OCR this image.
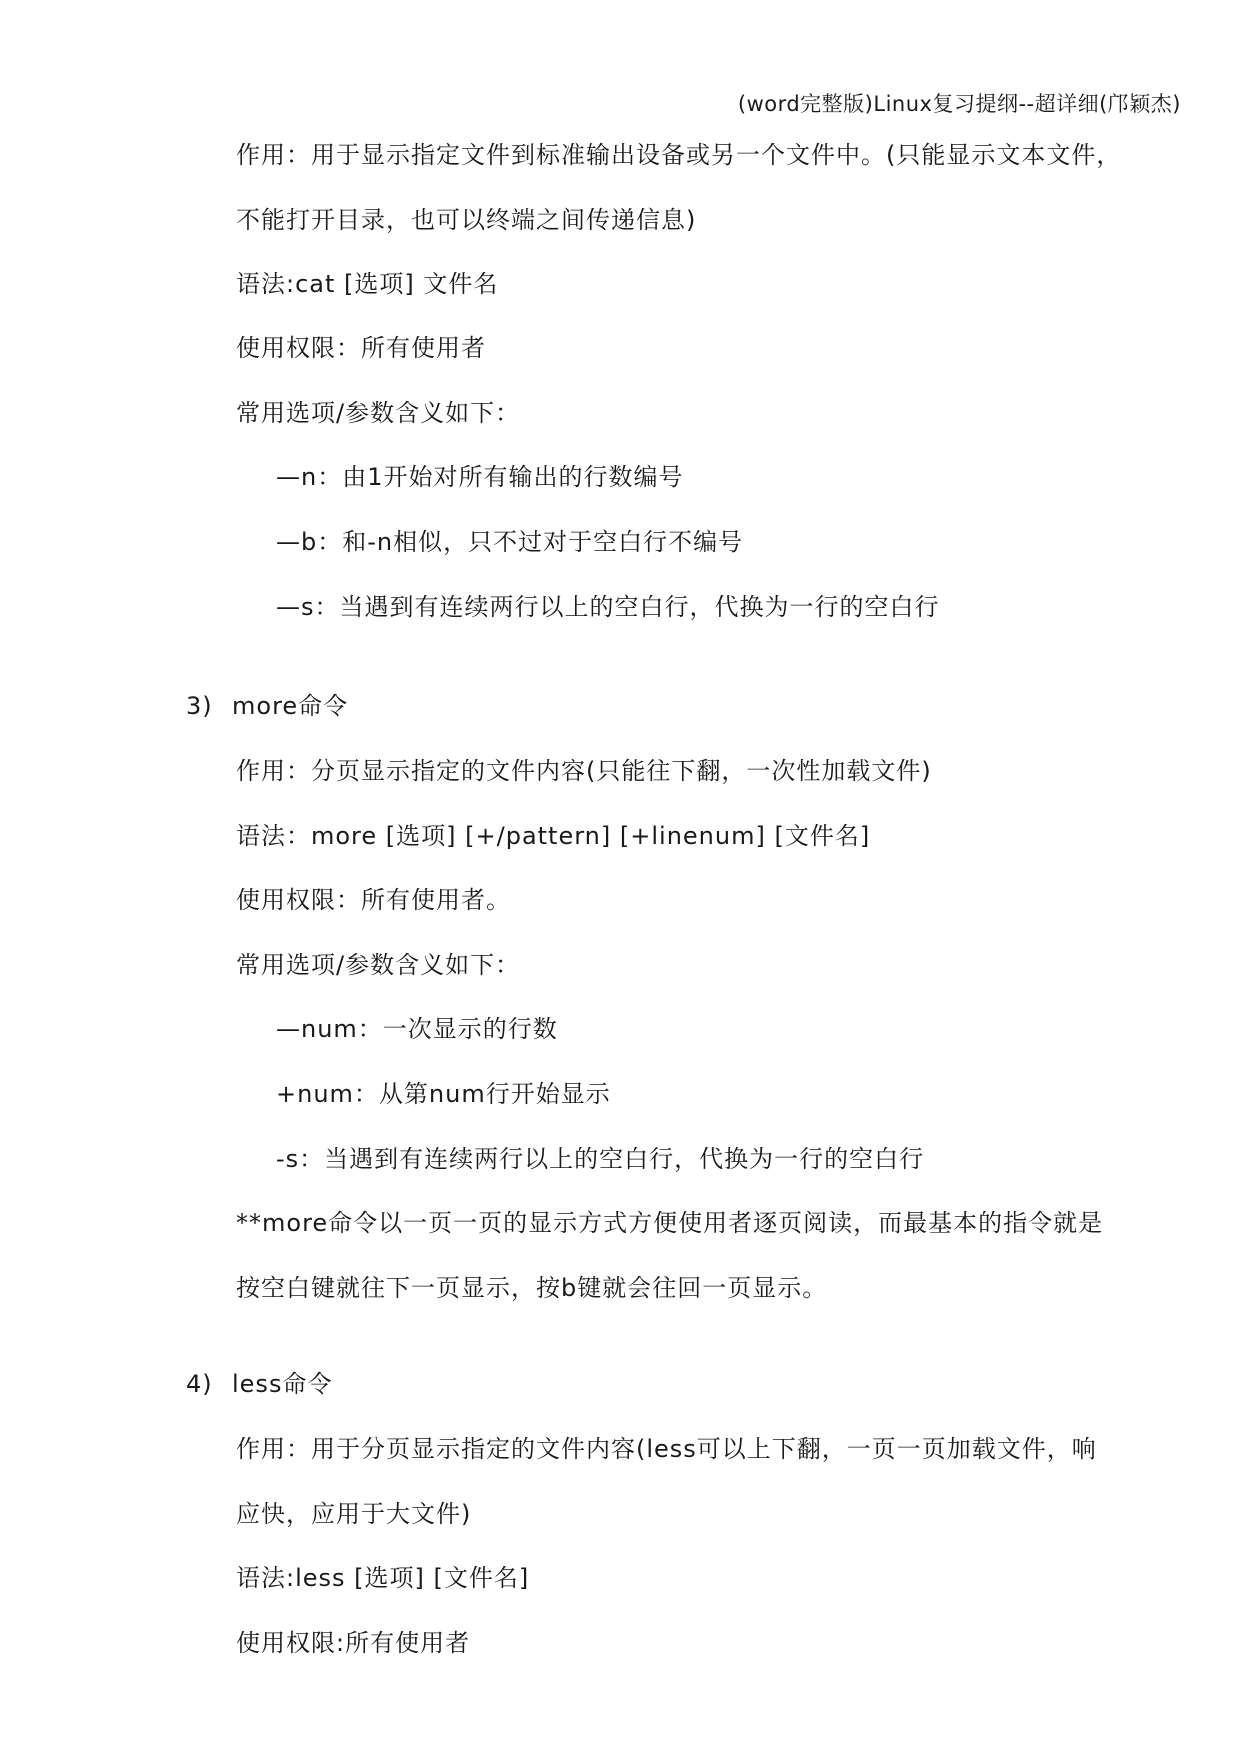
(word完整版)Linux复习提纲--超详细(邝颖杰)
作用：用于显示指定文件到标准输出设备或另一个文件中。(只能显示文本文件，
不能打开目录，也可以终端之间传递信息)
语法:cat [选项] 文件名
使用权限：所有使用者
常用选项/参数含义如下：
—n：由1开始对所有输出的行数编号
—b：和-n相似，只不过对于空白行不编号
—s：当遇到有连续两行以上的空白行，代换为一行的空白行
3) more命令
作用：分页显示指定的文件内容(只能往下翻，一次性加载文件)
语法：more [选项] [+/pattern] [+linenum] [文件名]
使用权限：所有使用者。
常用选项/参数含义如下：
—num：一次显示的行数
+num：从第num行开始显示
-s：当遇到有连续两行以上的空白行，代换为一行的空白行
**more命令以一页一页的显示方式方便使用者逐页阅读，而最基本的指令就是
按空白键就往下一页显示，按b键就会往回一页显示。
4) less命令
作用：用于分页显示指定的文件内容(less可以上下翻，一页一页加载文件，响
应快，应用于大文件)
语法:less [选项] [文件名]
使用权限:所有使用者
